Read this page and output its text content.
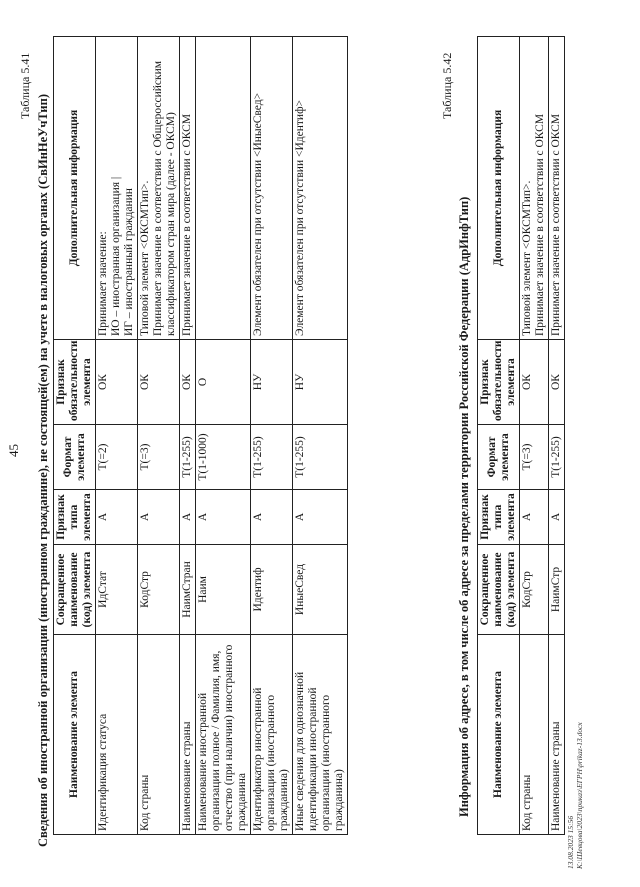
45
Таблица 5.41
Сведения об иностранной организации (иностранном гражданине), не состоящей(ем) на учете в налоговых органах (СвИнНеУчТип) Наименование элемента	Сокращенное наименование (код) элемента	Признак типа элемента	Формат элемента	Признак обязательности элемента	Дополнительная информация
Идентификация статуса	ИдСтат	А	T(=2)	ОК	Принимает значение:
ИО – иностранная организация |
ИГ – иностранный гражданин
Код страны	КодСтр	А	T(=3)	ОК	Типовой элемент <ОКСМТип>.
Принимает значение в соответствии с Общероссийским классификатором стран мира (далее - ОКСМ)
Наименование страны	НаимСтран	А	T(1-255)	ОК	Принимает значение в соответствии с ОКСМ
Наименование иностранной организации полное / Фамилия, имя, отчество (при наличии) иностранного гражданина	Наим	А	T(1-1000)	О	
Идентификатор иностранной организации (иностранного гражданина)	Идентиф	А	T(1-255)	НУ	Элемент обязателен при отсутствии <ИныеСвед>
Иные сведения для однозначной идентификации иностранной организации (иностранного гражданина)	ИныеСвед	А	T(1-255)	НУ	Элемент обязателен при отсутствии <Идентиф>
Таблица 5.42
Информация об адресе, в том числе об адресе за пределами территории Российской Федерации (АдрИнфТип) Наименование элемента	Сокращенное наименование (код) элемента	Признак типа элемента	Формат элемента	Признак обязательности элемента	Дополнительная информация
Код страны	КодСтр	А	T(=3)	ОК	Типовой элемент <ОКСМТип>.
Принимает значение в соответствии с ОКСМ
Наименование страны	НаимСтр	А	T(1-255)	ОК	Принимает значение в соответствии с ОКСМ
13.08.2023 15:56 К:\Шевцова\2023\приказ\ЕГРН\prikaz-13.docx
